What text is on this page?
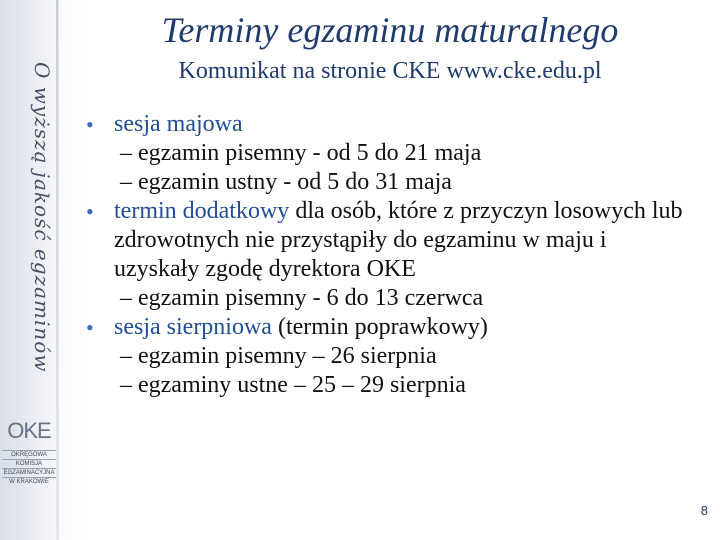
O wyższą jakość egzaminów
OKE
OKRĘGOWA
KOMISJA
EGZAMINACYJNA
W KRAKOWIE
Terminy egzaminu maturalnego
Komunikat na stronie CKE www.cke.edu.pl
• sesja majowa
– egzamin pisemny - od 5 do 21 maja
– egzamin ustny - od 5 do 31 maja
• termin dodatkowy dla osób, które z przyczyn losowych lub zdrowotnych nie przystąpiły do egzaminu w maju i uzyskały zgodę dyrektora OKE
– egzamin pisemny - 6 do 13 czerwca
• sesja sierpniowa (termin poprawkowy)
– egzamin pisemny – 26 sierpnia
– egzaminy ustne – 25 – 29 sierpnia
8
